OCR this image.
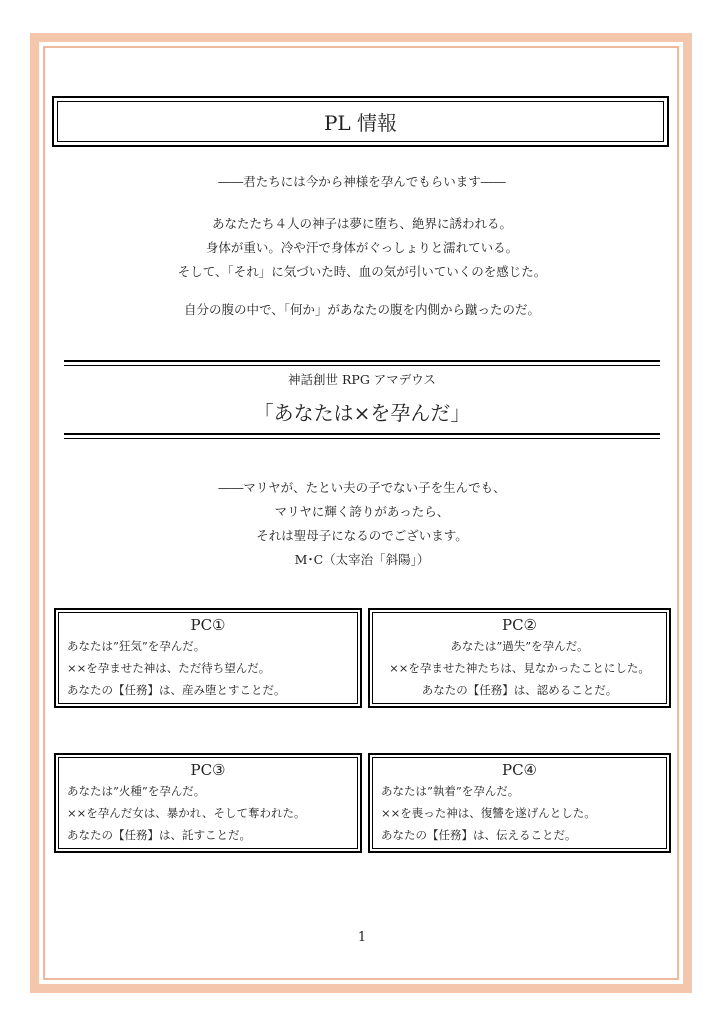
PL 情報
――君たちには今から神様を孕んでもらいます――
あなたたち４人の神子は夢に堕ち、絶界に誘われる。
身体が重い。冷や汗で身体がぐっしょりと濡れている。
そして、「それ」に気づいた時、血の気が引いていくのを感じた。
自分の腹の中で、「何か」があなたの腹を内側から蹴ったのだ。
神話創世 RPG アマデウス
「あなたは×を孕んだ」
――マリヤが、たとい夫の子でない子を生んでも、
マリヤに輝く誇りがあったら、
それは聖母子になるのでございます。
M･C（太宰治「斜陽」）
PC①
あなたは”狂気”を孕んだ。
××を孕ませた神は、ただ待ち望んだ。
あなたの【任務】は、産み堕とすことだ。
PC②
あなたは”過失”を孕んだ。
××を孕ませた神たちは、見なかったことにした。
あなたの【任務】は、認めることだ。
PC③
あなたは”火種”を孕んだ。
××を孕んだ女は、暴かれ、そして奪われた。
あなたの【任務】は、託すことだ。
PC④
あなたは”執着”を孕んだ。
××を喪った神は、復讐を遂げんとした。
あなたの【任務】は、伝えることだ。
1
